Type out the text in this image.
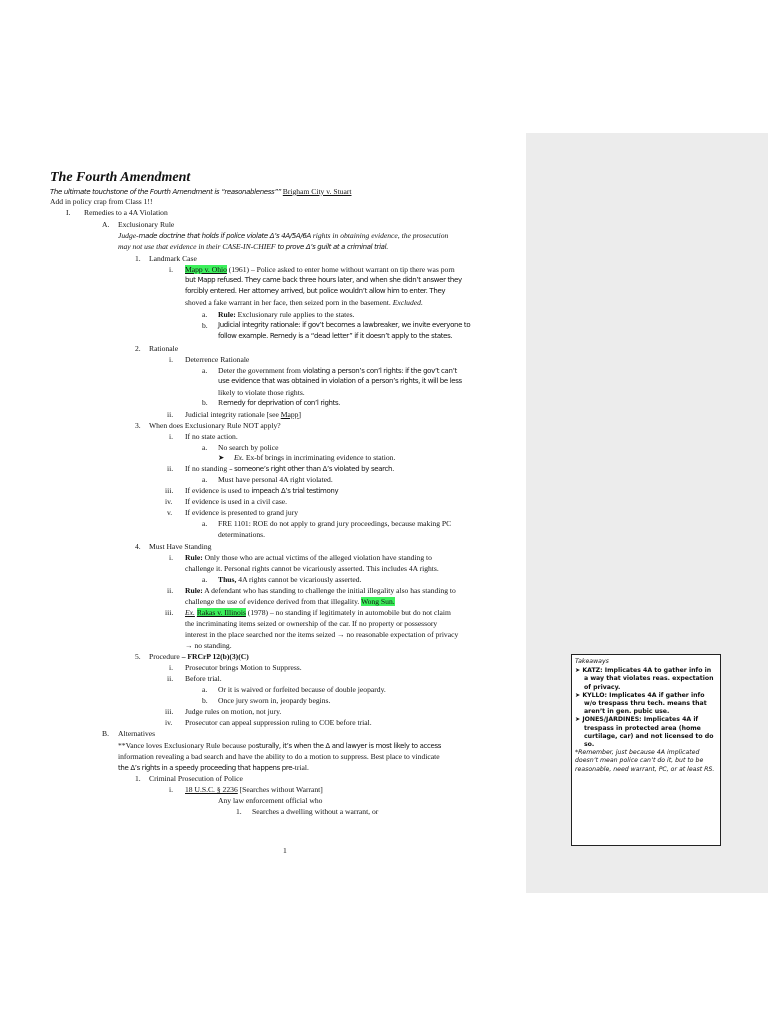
The Fourth Amendment
The ultimate touchstone of the Fourth Amendment is “reasonableness”” Brigham City v. Stuart
Add in policy crap from Class 1!!
I. Remedies to a 4A Violation
A. Exclusionary Rule
Judge-made doctrine that holds if police violate Δ’s 4A/5A/6A rights in obtaining evidence, the prosecution
may not use that evidence in their CASE-IN-CHIEF to prove Δ’s guilt at a criminal trial.
1. Landmark Case
i. Mapp v. Ohio (1961) – Police asked to enter home without warrant on tip there was porn
but Mapp refused. They came back three hours later, and when she didn’t answer they
forcibly entered. Her attorney arrived, but police wouldn’t allow him to enter. They
shoved a fake warrant in her face, then seized porn in the basement. Excluded.
a. Rule: Exclusionary rule applies to the states.
b. Judicial integrity rationale: if gov’t becomes a lawbreaker, we invite everyone to
follow example. Remedy is a “dead letter” if it doesn’t apply to the states.
2. Rationale
i. Deterrence Rationale
a. Deter the government from violating a person’s con’l rights: if the gov’t can’t
use evidence that was obtained in violation of a person’s rights, it will be less
likely to violate those rights.
b. Remedy for deprivation of con’l rights.
ii. Judicial integrity rationale [see Mapp]
3. When does Exclusionary Rule NOT apply?
i. If no state action.
a. No search by police
➤ Ex. Ex-bf brings in incriminating evidence to station.
ii. If no standing – someone’s right other than Δ’s violated by search.
a. Must have personal 4A right violated.
iii. If evidence is used to impeach Δ’s trial testimony
iv. If evidence is used in a civil case.
v. If evidence is presented to grand jury
a. FRE 1101: ROE do not apply to grand jury proceedings, because making PC
determinations.
4. Must Have Standing
i. Rule: Only those who are actual victims of the alleged violation have standing to
challenge it. Personal rights cannot be vicariously asserted. This includes 4A rights.
a. Thus, 4A rights cannot be vicariously asserted.
ii. Rule: A defendant who has standing to challenge the initial illegality also has standing to
challenge the use of evidence derived from that illegality. Wong Sun.
iii. Ex. Rakas v. Illinois (1978) – no standing if legitimately in automobile but do not claim
the incriminating items seized or ownership of the car. If no property or possessory
interest in the place searched nor the items seized → no reasonable expectation of privacy
→ no standing.
5. Procedure – FRCrP 12(b)(3)(C)
i. Prosecutor brings Motion to Suppress.
ii. Before trial.
a. Or it is waived or forfeited because of double jeopardy.
b. Once jury sworn in, jeopardy begins.
iii. Judge rules on motion, not jury.
iv. Prosecutor can appeal suppression ruling to COE before trial.
B. Alternatives
**Vance loves Exclusionary Rule because posturally, it’s when the Δ and lawyer is most likely to access
information revealing a bad search and have the ability to do a motion to suppress. Best place to vindicate
the Δ’s rights in a speedy proceeding that happens pre-trial.
1. Criminal Prosecution of Police
i. 18 U.S.C. § 2236 [Searches without Warrant]
Any law enforcement official who
1. Searches a dwelling without a warrant, or
1
Takeaways
➤ KATZ: Implicates 4A to gather info in a way that violates reas. expectation of privacy.
➤ KYLLO: Implicates 4A if gather info w/o trespass thru tech. means that aren’t in gen. pubic use.
➤ JONES/JARDINES: Implicates 4A if trespass in protected area (home curtilage, car) and not licensed to do so.
*Remember, just because 4A implicated doesn’t mean police can’t do it, but to be reasonable, need warrant, PC, or at least RS.
